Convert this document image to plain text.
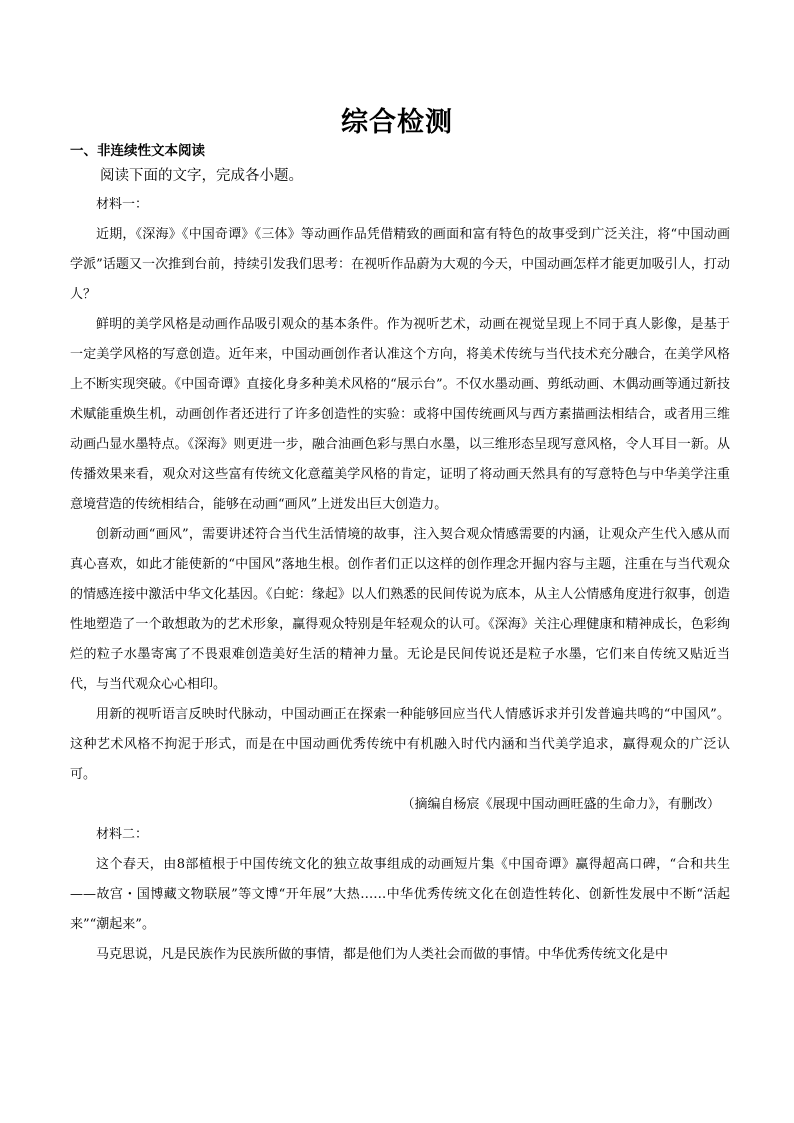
综合检测
一、非连续性文本阅读
阅读下面的文字，完成各小题。

材料一：

近期，《深海》《中国奇谭》《三体》等动画作品凭借精致的画面和富有特色的故事受到广泛关注，将“中国动画学派”话题又一次推到台前，持续引发我们思考：在视听作品蔚为大观的今天，中国动画怎样才能更加吸引人，打动人？

鲜明的美学风格是动画作品吸引观众的基本条件。作为视听艺术，动画在视觉呈现上不同于真人影像，是基于一定美学风格的写意创造。近年来，中国动画创作者认准这个方向，将美术传统与当代技术充分融合，在美学风格上不断实现突破。《中国奇谭》直接化身多种美术风格的“展示台”。不仅水墨动画、剪纸动画、木偶动画等通过新技术赋能重焕生机，动画创作者还进行了许多创造性的实验：或将中国传统画风与西方素描画法相结合，或者用三维动画凸显水墨特点。《深海》则更进一步，融合油画色彩与黑白水墨，以三维形态呈现写意风格，令人耳目一新。从传播效果来看，观众对这些富有传统文化意蕴美学风格的肯定，证明了将动画天然具有的写意特色与中华美学注重意境营造的传统相结合，能够在动画“画风”上迸发出巨大创造力。

创新动画“画风”，需要讲述符合当代生活情境的故事，注入契合观众情感需要的内涵，让观众产生代入感从而真心喜欢，如此才能使新的“中国风”落地生根。创作者们正以这样的创作理念开掘内容与主题，注重在与当代观众的情感连接中激活中华文化基因。《白蛇：缘起》以人们熟悉的民间传说为底本，从主人公情感角度进行叙事，创造性地塑造了一个敢想敢为的艺术形象，赢得观众特别是年轻观众的认可。《深海》关注心理健康和精神成长，色彩绚烂的粒子水墨寄寓了不畏艰难创造美好生活的精神力量。无论是民间传说还是粒子水墨，它们来自传统又贴近当代，与当代观众心心相印。

用新的视听语言反映时代脉动，中国动画正在探索一种能够回应当代人情感诉求并引发普遍共鸣的“中国风”。这种艺术风格不拘泥于形式，而是在中国动画优秀传统中有机融入时代内涵和当代美学追求，赢得观众的广泛认可。

（摘编自杨宸《展现中国动画旺盛的生命力》，有删改）

材料二：

这个春天，由8部植根于中国传统文化的独立故事组成的动画短片集《中国奇谭》赢得超高口碑，“合和共生——故宫・国博藏文物联展”等文博“开年展”大热……中华优秀传统文化在创造性转化、创新性发展中不断“活起来”“潮起来”。

马克思说，凡是民族作为民族所做的事情，都是他们为人类社会而做的事情。中华优秀传统文化是中
